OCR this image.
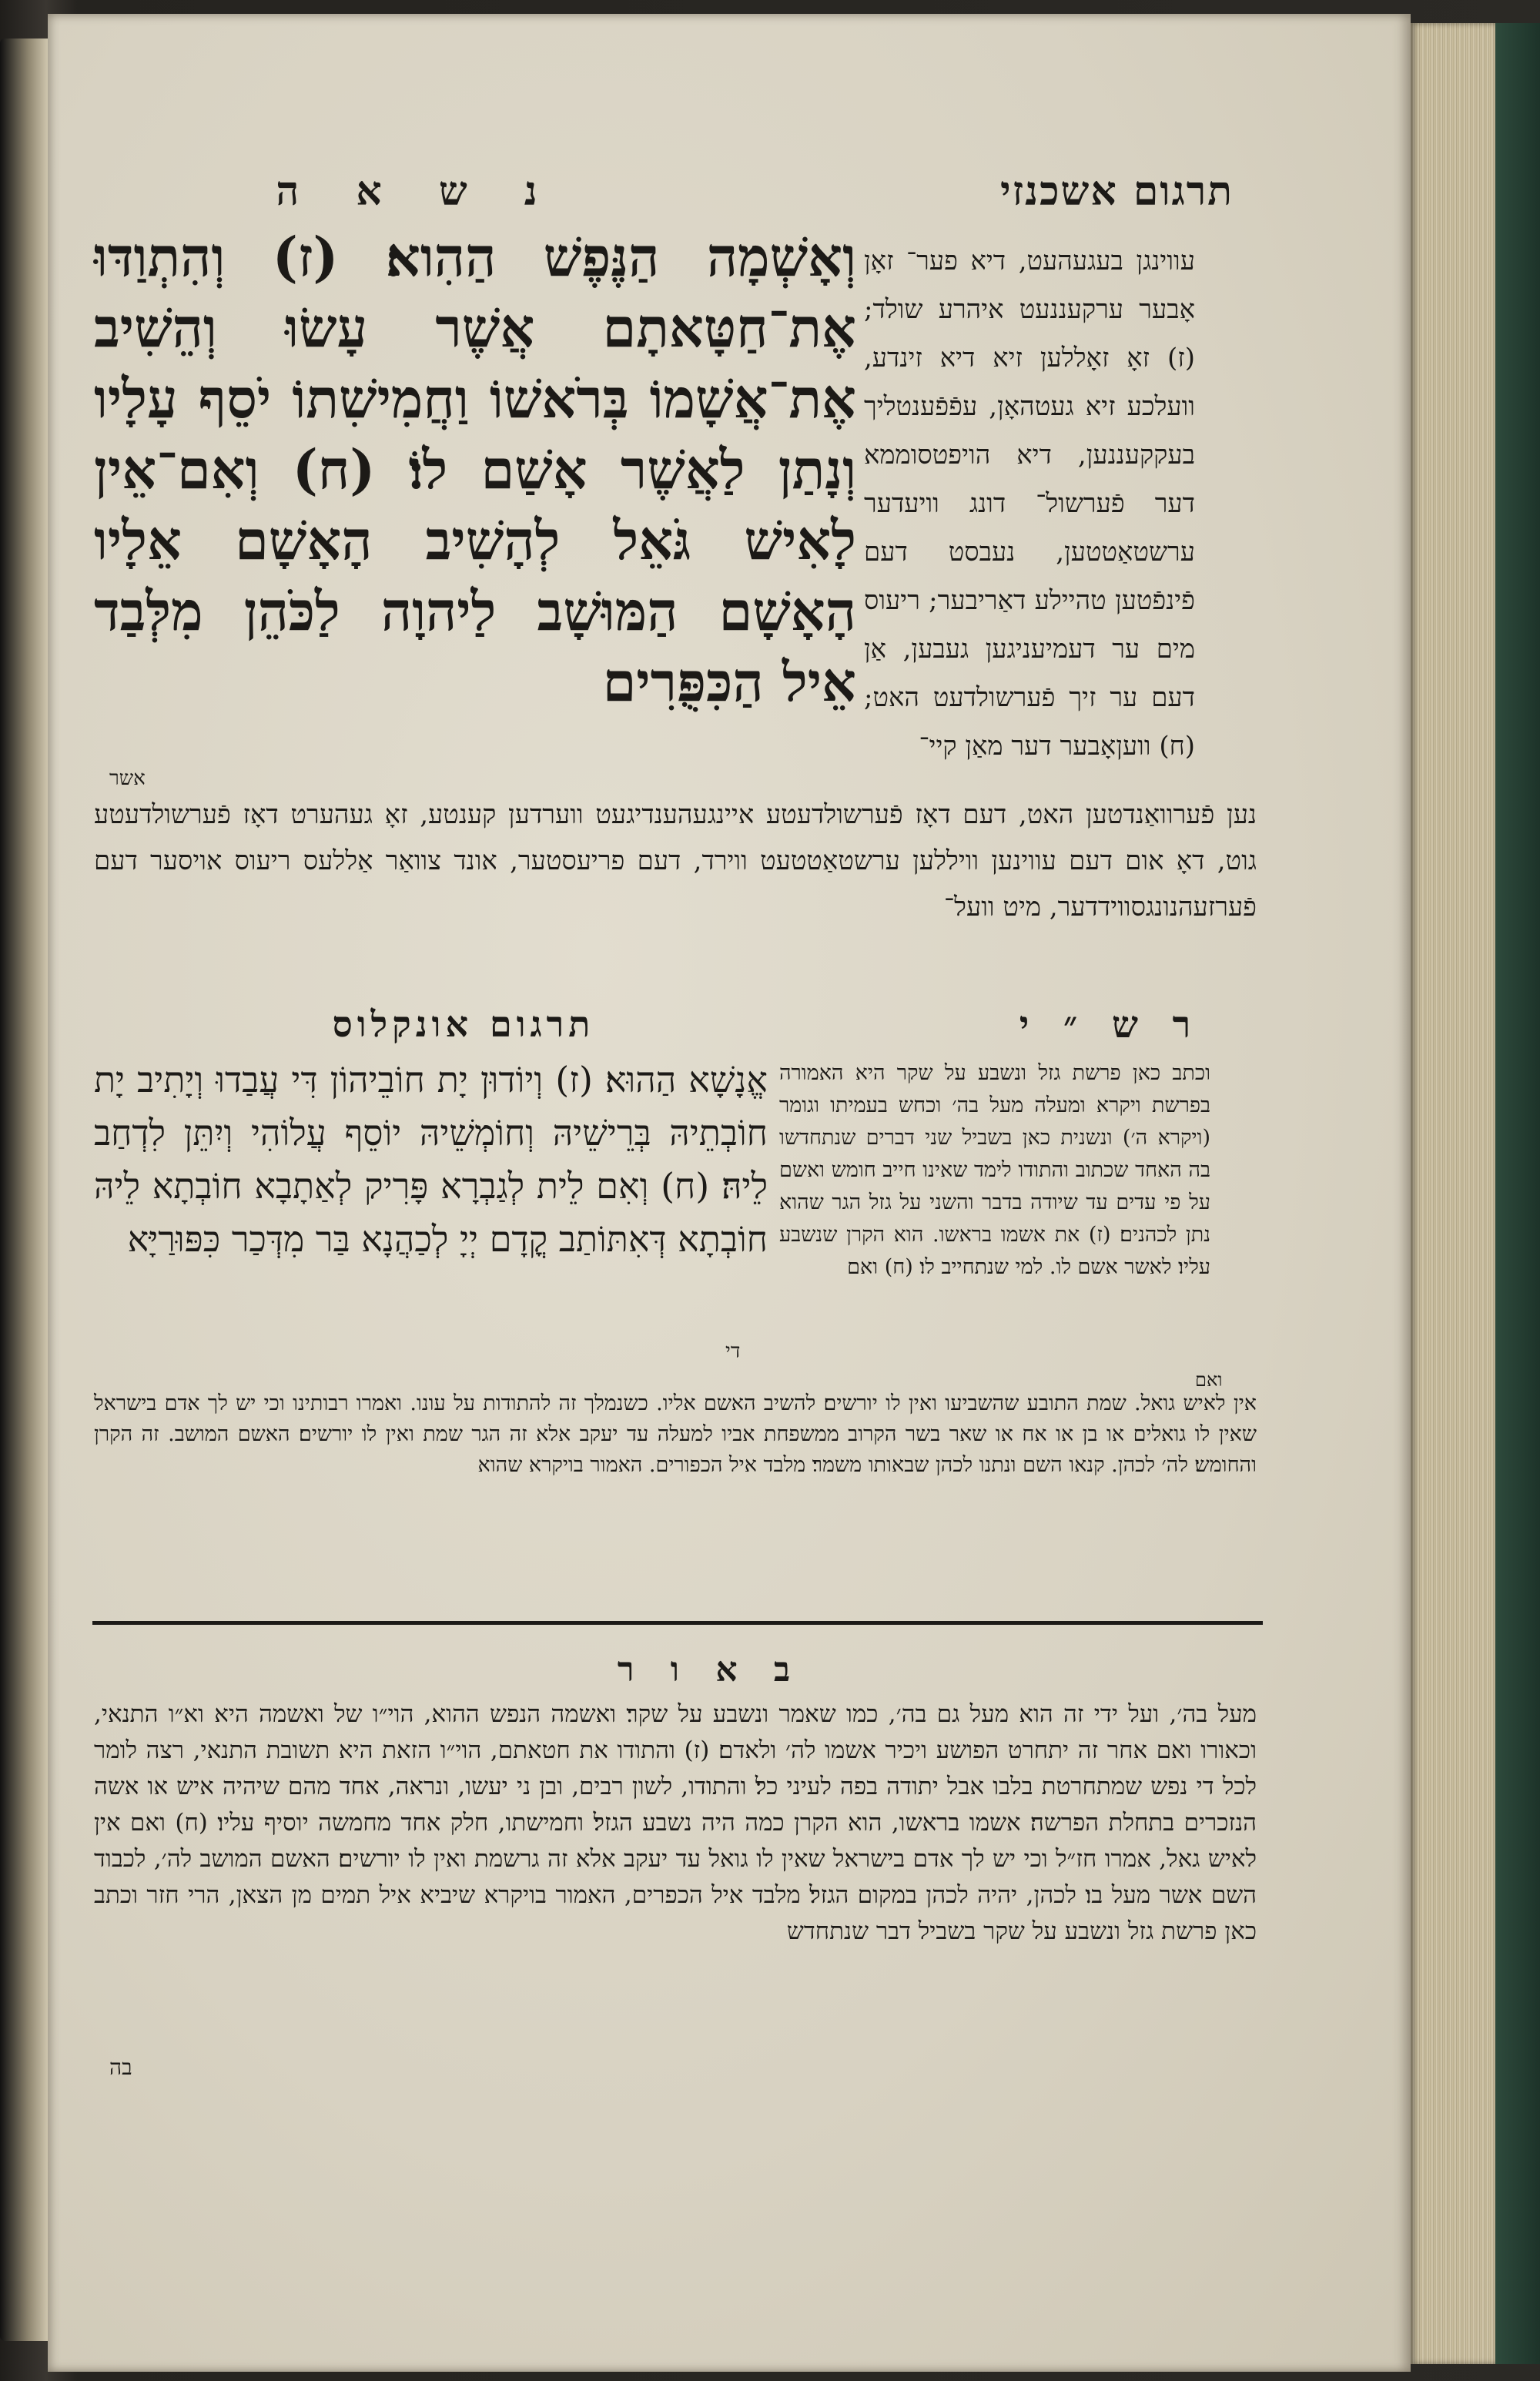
תרגום אשכנזי
נ ש א ה
וְאָשְׁמָה הַנֶּפֶשׁ הַהִוא׃ (ז) וְהִתְוַדּוּ אֶת־חַטָּאתָם אֲשֶׁר עָשׂוּ וְהֵשִׁיב אֶת־אֲשָׁמוֹ בְּרֹאשׁוֹ וַחֲמִישִׁתוֹ יֹסֵף עָלָיו וְנָתַן לַאֲשֶׁר אָשַׁם לוֹ׃ (ח) וְאִם־אֵין לָאִישׁ גֹּאֵל לְהָשִׁיב הָאָשָׁם אֵלָיו הָאָשָׁם הַמּוּשָׁב לַיהוָה לַכֹּהֵן מִלְּבַד אֵיל הַכִּפֻּרִים
עווינגן בעגעהעט, דיא פער־ זאָן אָבער ערקעננעט איהרע שולד; (ז) זאָ זאָללען זיא דיא זינדע, וועלכע זיא געטהאָן, עפֿפֿענטליך בעקקעננען, דיא הויפטסוממא דער פֿערשול־ דונג וויעדער ערשטאַטטען, נעבסט דעם פֿינפֿטען טהיילע דאַריבער; ריעוס מים ער דעמיעניגען געבען, אַן דעם ער זיך פֿערשולדעט האט; (ח) וועןאָבער דער מאַן קיי־
אשר
נען פֿערוואַנדטען האט, דעם דאָז פֿערשולדעטע איינגעהענדיגעט ווערדען קענטע, זאָ געהערט דאָז פֿערשולדעטע גוט, דאָ אום דעם עווינען וויללען ערשטאַטטעט ווירד, דעם פריעסטער, אונד צוואַר אַללעס ריעוס אויסער דעם פֿערזעהנונגסווידדער, מיט וועל־
תרגום אונקלוס	ר ש ״ י
אֱנָשָׁא הַהוּא׃ (ז) וְיוֹדוּן יָת חוֹבֵיהוֹן דִּי עֲבַדוּ וְיָתִיב יָת חוֹבְתֵיהּ בְּרֵישֵׁיהּ וְחוֹמְשֵׁיהּ יוֹסֵף עֲלוֹהִי וְיִתֵּן לִדְחַב לֵיהּ׃ (ח) וְאִם לֵית לְגַבְרָא פָּרִיק לְאַתָבָא חוֹבְתָא לֵיהּ חוֹבְתָא דְּאִתּוֹתַב קֳדָם יְיָ לְכַהֲנָא בַּר מִדְּכַר כִּפּוּרַיָּא
די
וכתב כאן פרשת גזל ונשבע על שקר היא האמורה בפרשת ויקרא ומעלה מעל בה׳ וכחש בעמיתו וגומר (ויקרא ה׳) ונשנית כאן בשביל שני דברים שנתחדשו בה האחד שכתוב והתודו לימד שאינו חייב חומש ואשם על פי עדים עד שיודה בדבר והשני על גזל הגר שהוא נתן לכהנים׃ (ז) את אשמו בראשו. הוא הקרן שנשבע עליו׃ לאשר אשם לו. למי שנתחייב לו׃ (ח) ואם
ואם
אין לאיש גואל. שמת התובע שהשביעו ואין לו יורשים׃ להשיב האשם אליו. כשנמלך זה להתודות על עונו. ואמרו רבותינו וכי יש לך אדם בישראל שאין לו גואלים או בן או אח או שאר בשר הקרוב ממשפחת אביו למעלה עד יעקב אלא זה הגר שמת ואין לו יורשים׃ האשם המושב. זה הקרן והחומש׃ לה׳ לכהן. קנאו השם ונתנו לכהן שבאותו משמר׃ מלבד איל הכפורים. האמור בויקרא שהוא
ב א ו ר
מעל בה׳, ועל ידי זה הוא מעל גם בה׳, כמו שאמר ונשבע על שקר׃ ואשמה הנפש ההוא, הוי״ו של ואשמה היא וא״ו התנאי, וכאורו ואם אחר זה יתחרט הפושע ויכיר אשמו לה׳ ולאדם׃ (ז) והתודו את חטאתם, הוי״ו הזאת היא תשובת התנאי, רצה לומר לכל די נפש שמתחרטת בלבו אבל יתודה בפה לעיני כל׃ והתודו, לשון רבים, ובן ני יעשו, ונראה, אחד מהם שיהיה איש או אשה הנזכרים בתחלת הפרשה׃ אשמו בראשו, הוא הקרן כמה היה נשבע הגזל׃ וחמישתו, חלק אחד מחמשה יוסיף עליו׃ (ח) ואם אין לאיש גאל, אמרו חז״ל וכי יש לך אדם בישראל שאין לו גואל עד יעקב אלא זה גרשמת ואין לו יורשים׃ האשם המושב לה׳, לכבוד השם אשר מעל בו׃ לכהן, יהיה לכהן במקום הגזל׃ מלבד איל הכפרים, האמור בויקרא שיביא איל תמים מן הצאן, הרי חזר וכתב כאן פרשת גזל ונשבע על שקר בשביל דבר שנתחדש
בה
